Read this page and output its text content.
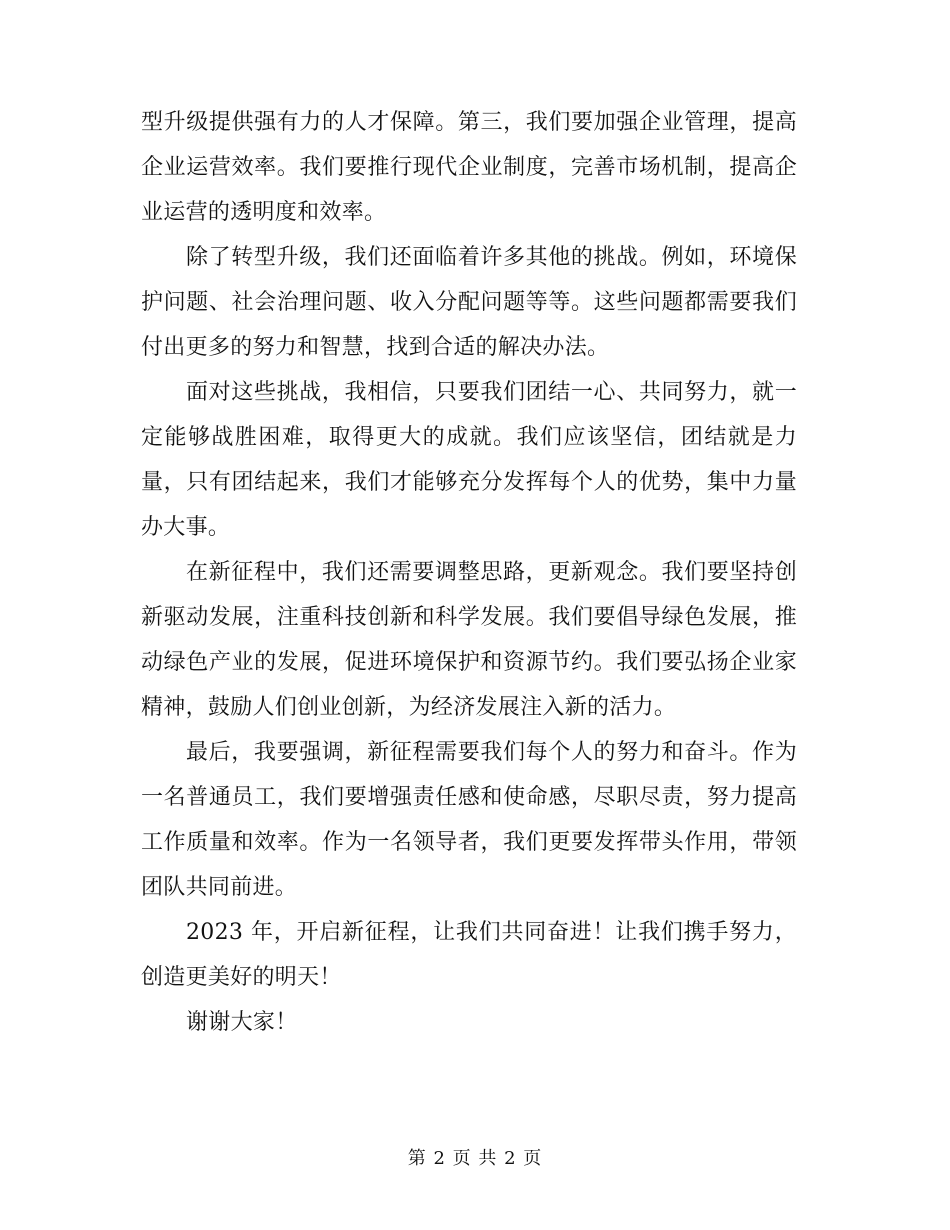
型升级提供强有力的人才保障。第三，我们要加强企业管理，提高企业运营效率。我们要推行现代企业制度，完善市场机制，提高企业运营的透明度和效率。

除了转型升级，我们还面临着许多其他的挑战。例如，环境保护问题、社会治理问题、收入分配问题等等。这些问题都需要我们付出更多的努力和智慧，找到合适的解决办法。

面对这些挑战，我相信，只要我们团结一心、共同努力，就一定能够战胜困难，取得更大的成就。我们应该坚信，团结就是力量，只有团结起来，我们才能够充分发挥每个人的优势，集中力量办大事。

在新征程中，我们还需要调整思路，更新观念。我们要坚持创新驱动发展，注重科技创新和科学发展。我们要倡导绿色发展，推动绿色产业的发展，促进环境保护和资源节约。我们要弘扬企业家精神，鼓励人们创业创新，为经济发展注入新的活力。

最后，我要强调，新征程需要我们每个人的努力和奋斗。作为一名普通员工，我们要增强责任感和使命感，尽职尽责，努力提高工作质量和效率。作为一名领导者，我们更要发挥带头作用，带领团队共同前进。

2023 年，开启新征程，让我们共同奋进！让我们携手努力，创造更美好的明天！

谢谢大家！

第 2 页 共 2 页
